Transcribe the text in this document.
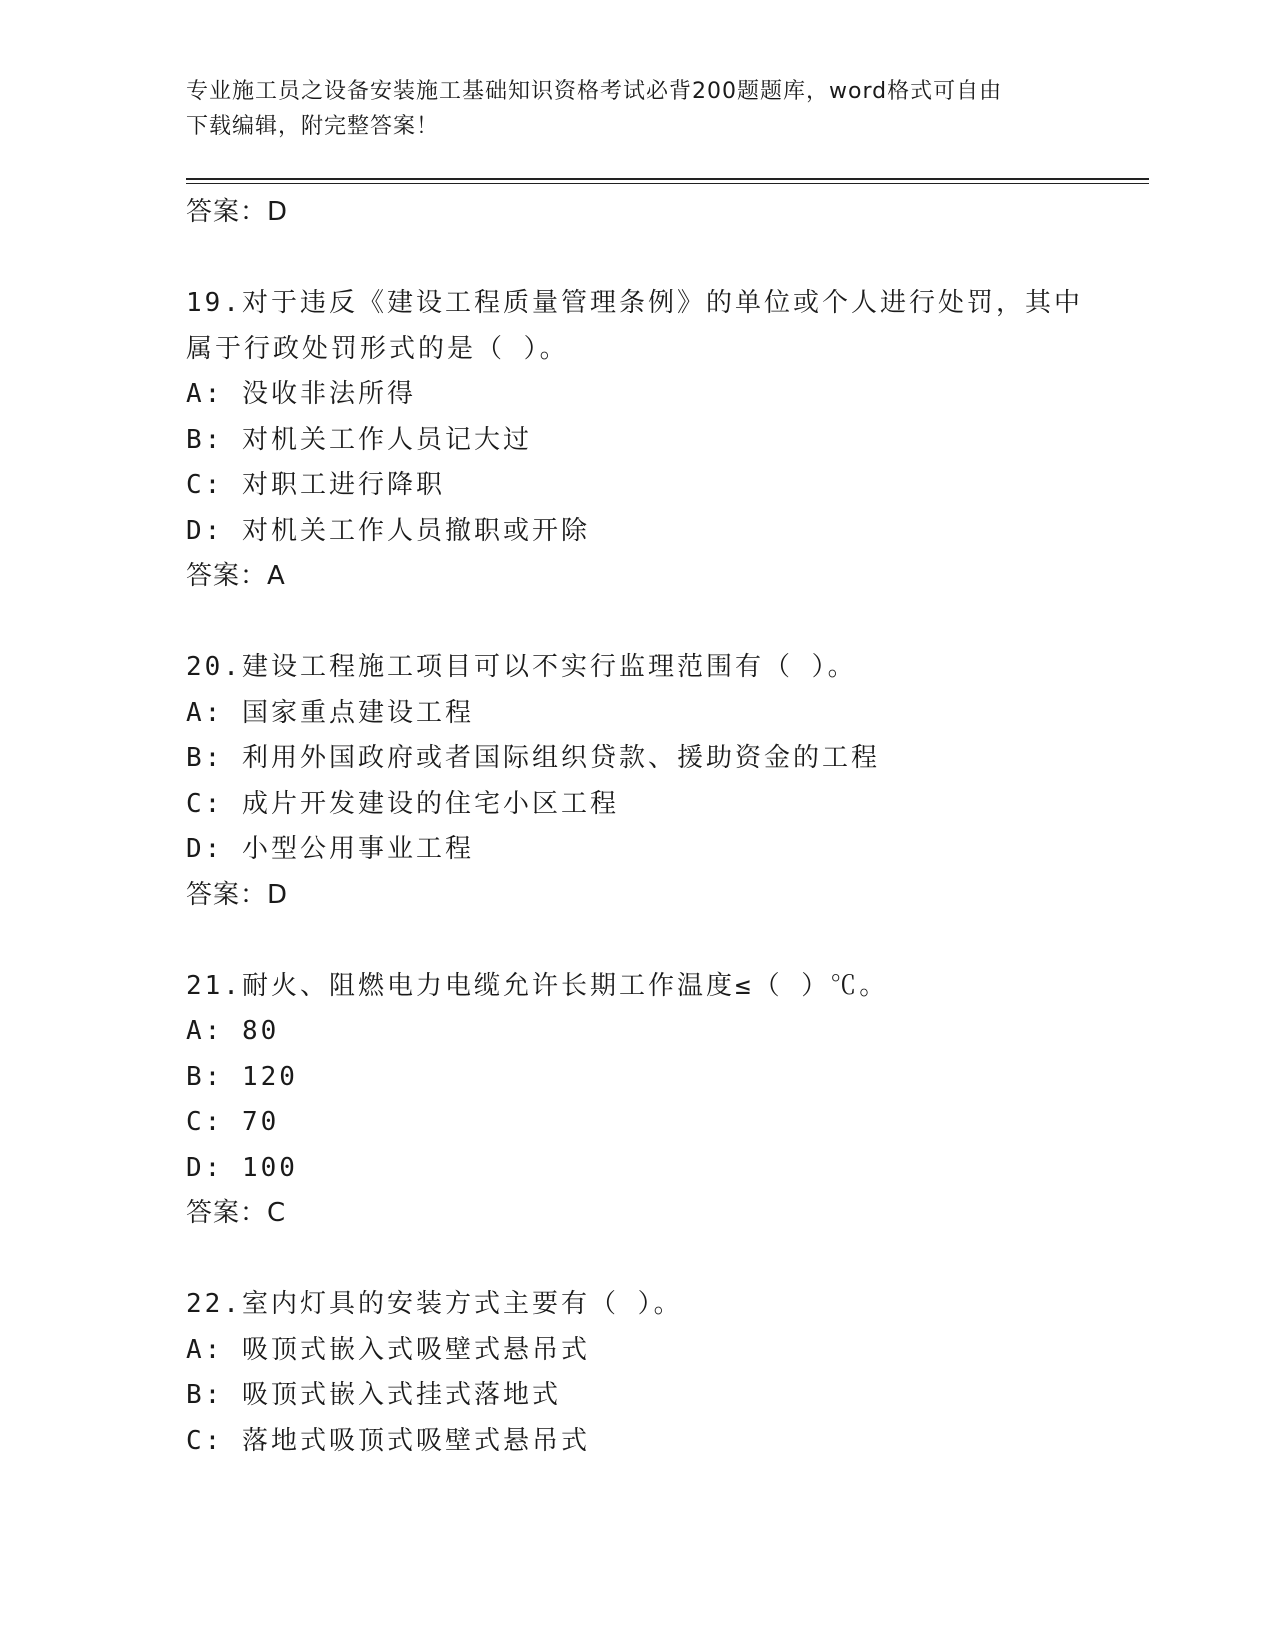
专业施工员之设备安装施工基础知识资格考试必背200题题库，word格式可自由
下载编辑，附完整答案！
答案：D
19.对于违反《建设工程质量管理条例》的单位或个人进行处罚，其中
属于行政处罚形式的是（ ）。
A: 没收非法所得
B: 对机关工作人员记大过
C: 对职工进行降职
D: 对机关工作人员撤职或开除
答案：A
20.建设工程施工项目可以不实行监理范围有（ ）。
A: 国家重点建设工程
B: 利用外国政府或者国际组织贷款、援助资金的工程
C: 成片开发建设的住宅小区工程
D: 小型公用事业工程
答案：D
21.耐火、阻燃电力电缆允许长期工作温度≤（ ）℃。
A: 80
B: 120
C: 70
D: 100
答案：C
22.室内灯具的安装方式主要有（ ）。
A: 吸顶式嵌入式吸壁式悬吊式
B: 吸顶式嵌入式挂式落地式
C: 落地式吸顶式吸壁式悬吊式
